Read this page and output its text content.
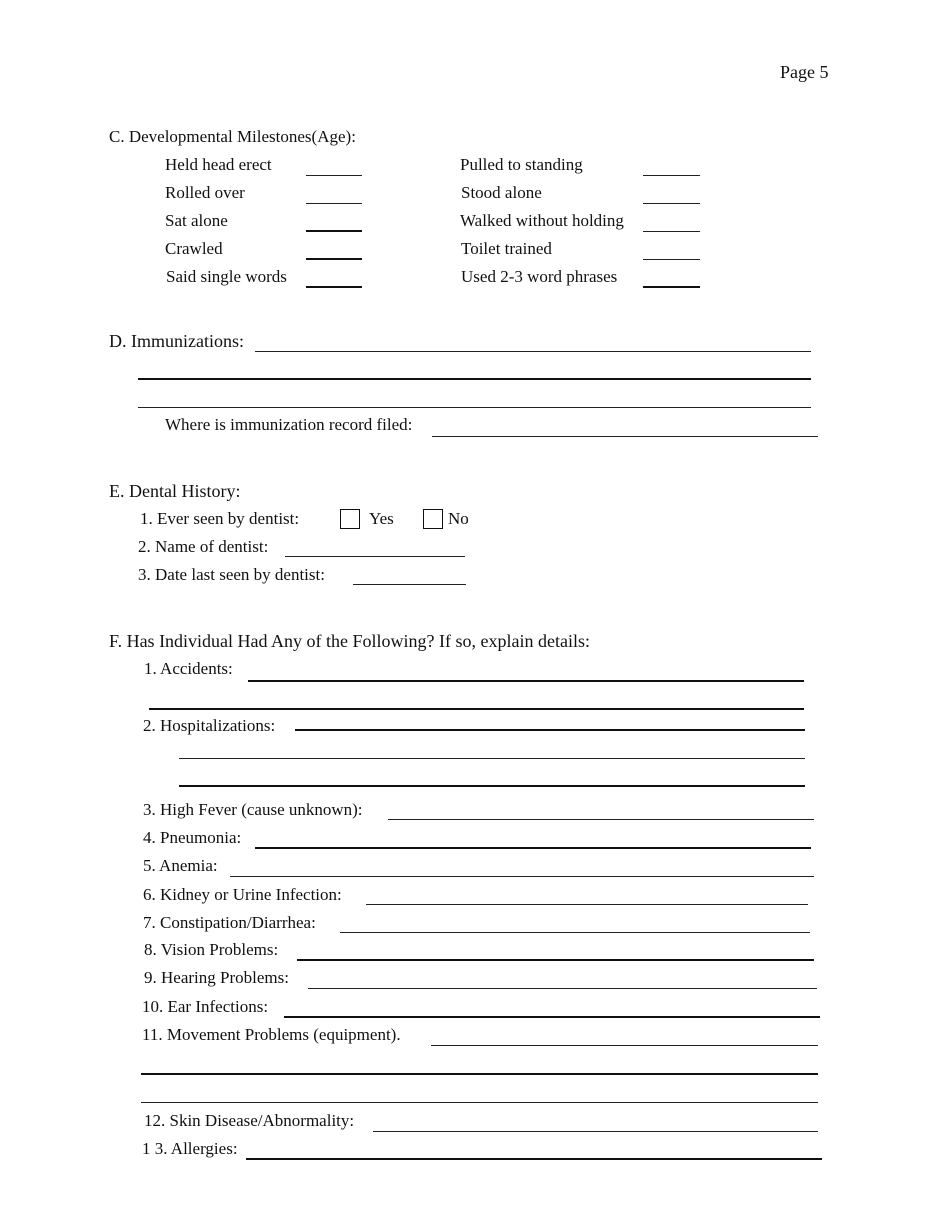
Page 5
C. Developmental Milestones(Age):
Held head erect
Rolled over
Sat alone
Crawled
Said single words
Pulled to standing
Stood alone
Walked without holding
Toilet trained
Used 2-3 word phrases
D. Immunizations:
Where is immunization record filed:
E. Dental History:
1. Ever seen by dentist:	Yes	No
2. Name of dentist:
3. Date last seen by dentist:
F. Has Individual Had Any of the Following? If so, explain details:
1. Accidents:
2. Hospitalizations:
3. High Fever (cause unknown):
4. Pneumonia:
5. Anemia:
6. Kidney or Urine Infection:
7. Constipation/Diarrhea:
8. Vision Problems:
9. Hearing Problems:
10. Ear Infections:
11. Movement Problems (equipment).
12. Skin Disease/Abnormality:
1 3. Allergies:
